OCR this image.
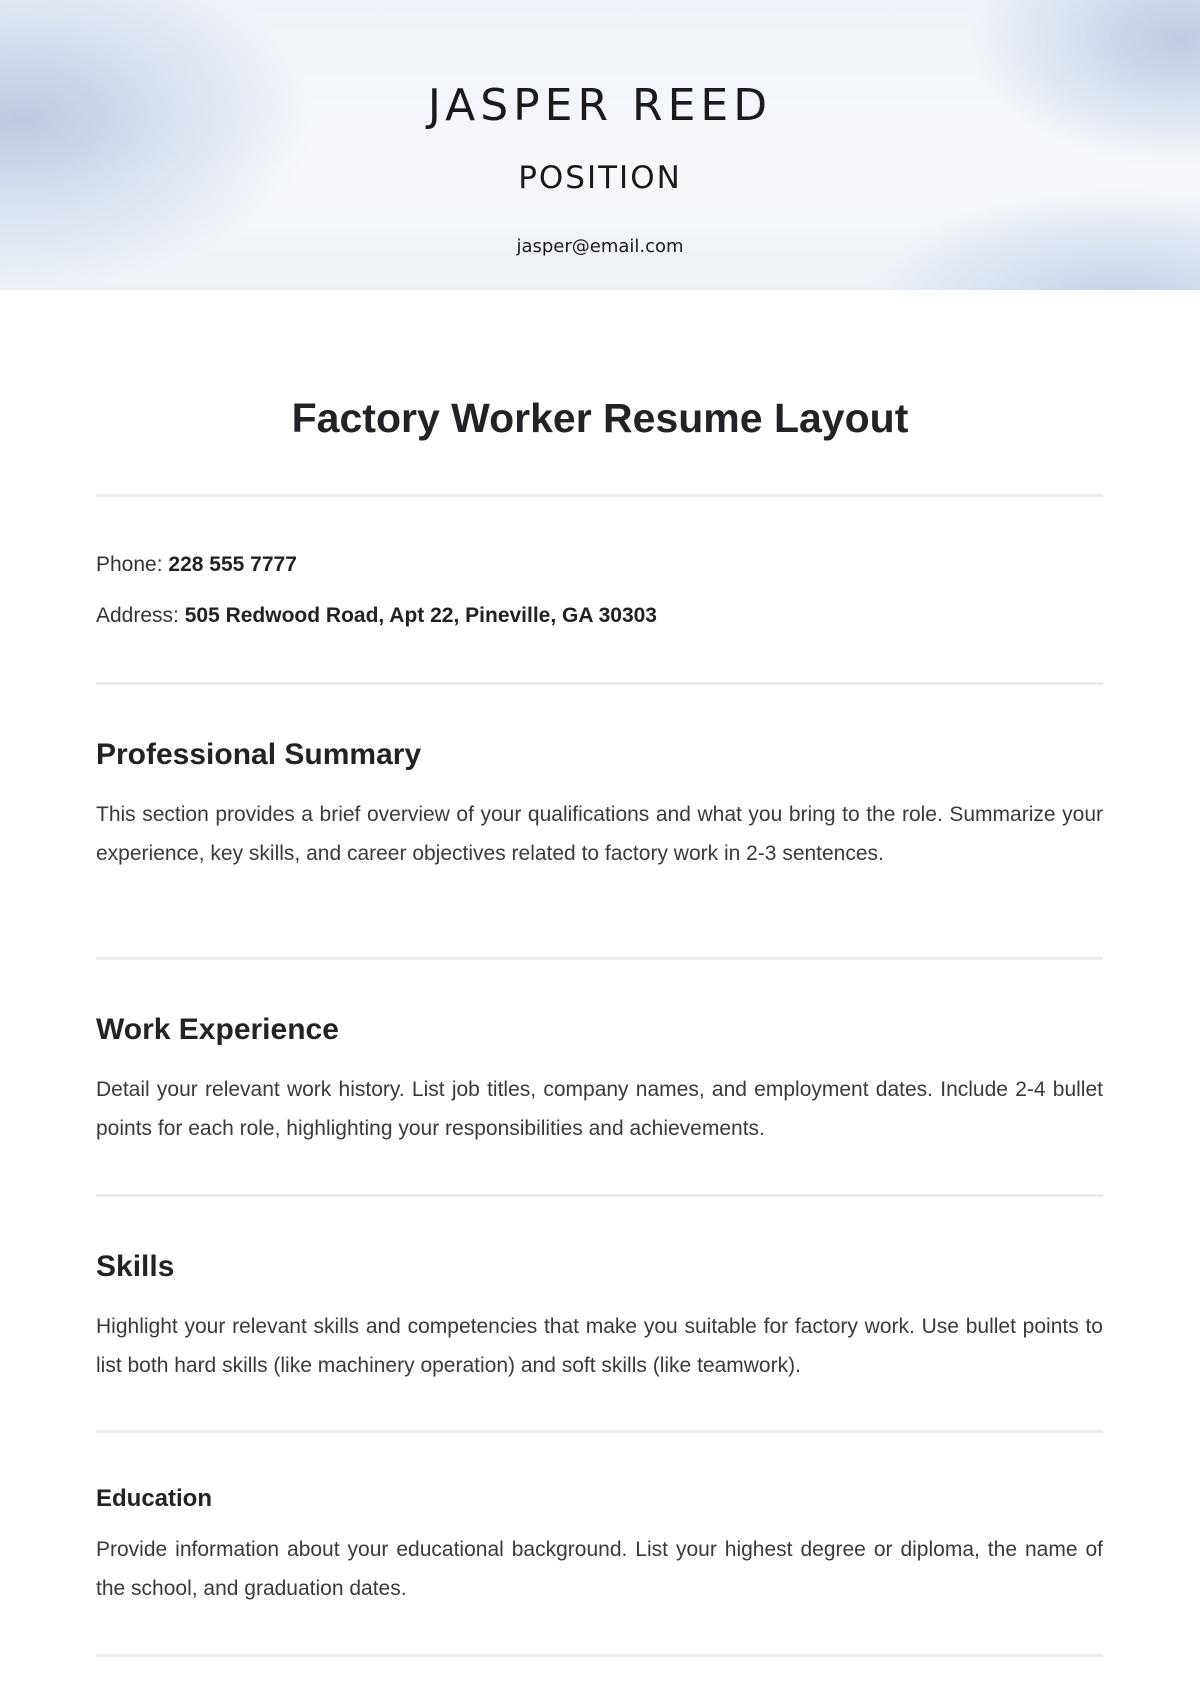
JASPER REED
POSITION
jasper@email.com
Factory Worker Resume Layout
Phone: 228 555 7777
Address: 505 Redwood Road, Apt 22, Pineville, GA 30303
Professional Summary

This section provides a brief overview of your qualifications and what you bring to the role. Summarize your experience, key skills, and career objectives related to factory work in 2-3 sentences.

Work Experience

Detail your relevant work history. List job titles, company names, and employment dates. Include 2-4 bullet points for each role, highlighting your responsibilities and achievements.

Skills

Highlight your relevant skills and competencies that make you suitable for factory work. Use bullet points to list both hard skills (like machinery operation) and soft skills (like teamwork).

Education

Provide information about your educational background. List your highest degree or diploma, the name of the school, and graduation dates.
